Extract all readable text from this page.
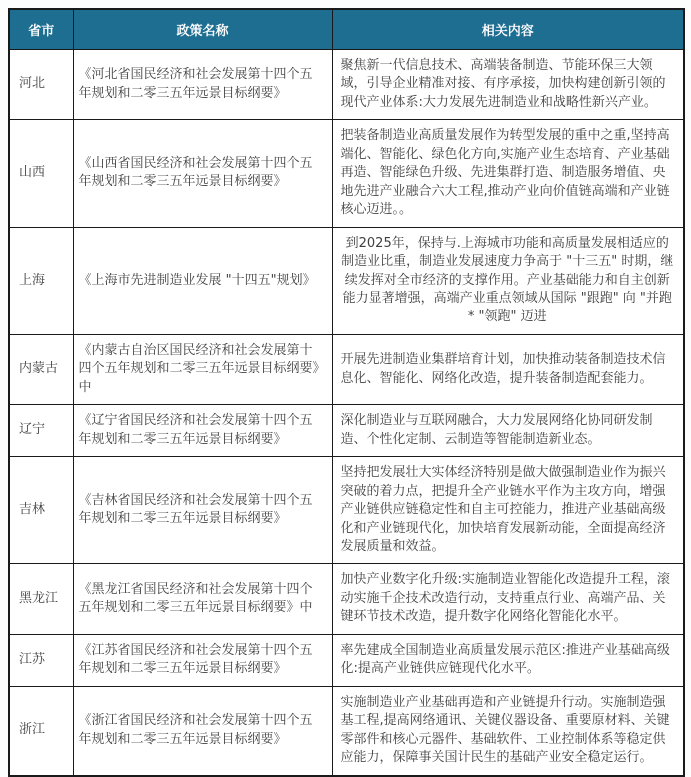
省市	政策名称	相关内容
河北	《河北省国民经济和社会发展第十四个五年规划和二零三五年远景目标纲要》	聚焦新一代信息技术、高端装备制造、节能环保三大领域，引导企业精准对接、有序承接，加快构建创新引领的现代产业体系:大力发展先进制造业和战略性新兴产业。
山西	《山西省国民经济和社会发展第十四个五年规划和二零三五年远景目标纲要》	把装备制造业高质量发展作为转型发展的重中之重,坚持高端化、智能化、绿色化方向,实施产业生态培育、产业基础再造、智能绿色升级、先进集群打造、制造服务增值、央地先进产业融合六大工程,推动产业向价值链高端和产业链核心迈进。。
上海	《上海市先进制造业发展 "十四五"规划》	到2025年，保持与.上海城市功能和高质量发展相适应的制造业比重，制造业发展速度力争高于 "十三五" 时期，继续发挥对全市经济的支撑作用。产业基础能力和自主创新能力显著增强，高端产业重点领域从国际 "跟跑" 向 "并跑* "领跑" 迈进
内蒙古	《内蒙古自治区国民经济和社会发展第十四个五年规划和二零三五年远景目标纲要》中	开展先进制造业集群培育计划，加快推动装备制造技术信息化、智能化、网络化改造，提升装备制造配套能力。
辽宁	《辽宁省国民经济和社会发展第十四个五年规划和二零三五年远景目标纲要》	深化制造业与互联网融合，大力发展网络化协同研发制造、个性化定制、云制造等智能制造新业态。
吉林	《吉林省国民经济和社会发展第十四个五年规划和二零三五年远景目标纲要》	坚持把发展壮大实体经济特别是做大做强制造业作为振兴突破的着力点，把提升全产业链水平作为主攻方向，增强产业链供应链稳定性和自主可控能力，推进产业基础高级化和产业链现代化，加快培育发展新动能，全面提高经济发展质量和效益。
黑龙江	《黑龙江省国民经济和社会发展第十四个五年规划和二零三五年远景目标纲要》中	加快产业数字化升级:实施制造业智能化改造提升工程，滚动实施千企技术改造行动，支持重点行业、高端产品、关键环节技术改造，提升数字化网络化智能化水平。
江苏	《江苏省国民经济和社会发展第十四个五年规划和二零三五年远景目标纲要》	率先建成全国制造业高质量发展示范区:推进产业基础高级化:提高产业链供应链现代化水平。
浙江	《浙江省国民经济和社会发展第十四个五年规划和二零三五年远景目标纲要》	实施制造业产业基础再造和产业链提升行动。实施制造强基工程,提高网络通讯、关键仪器设备、重要原材料、关键零部件和核心元器件、基础软件、工业控制体系等稳定供应能力，保障事关国计民生的基础产业安全稳定运行。
